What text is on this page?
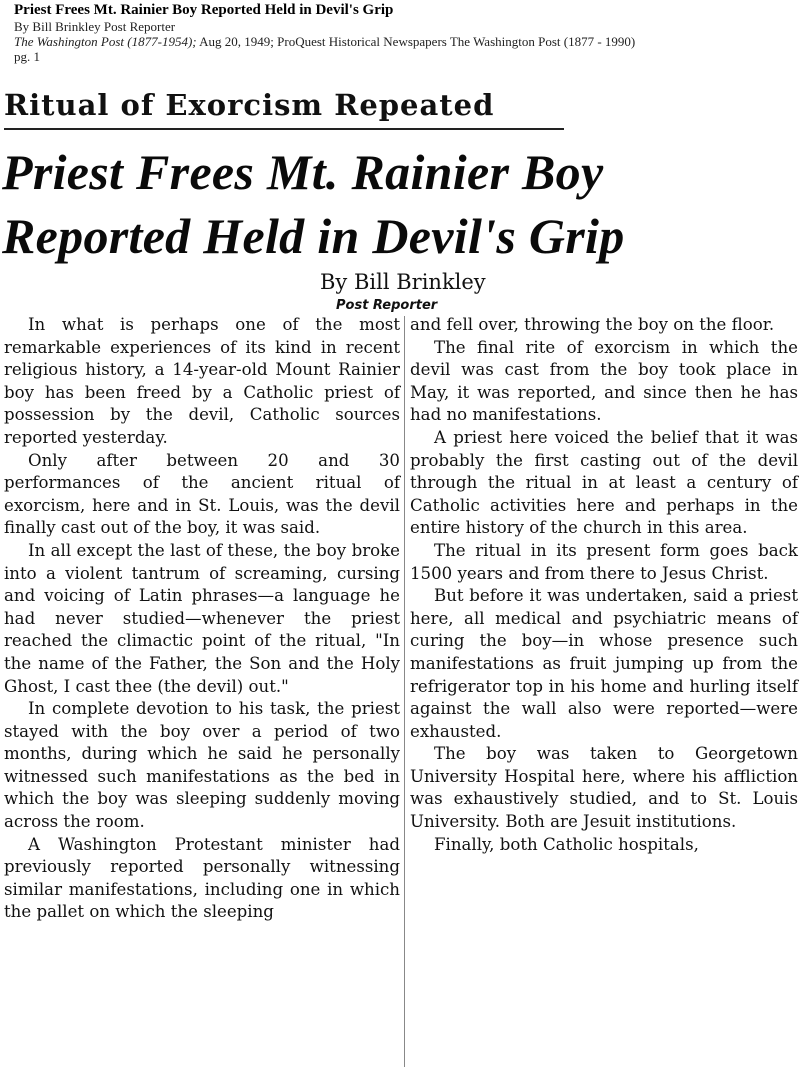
Priest Frees Mt. Rainier Boy Reported Held in Devil's Grip
By Bill Brinkley Post Reporter
The Washington Post (1877-1954); Aug 20, 1949; ProQuest Historical Newspapers The Washington Post (1877 - 1990)
pg. 1
Ritual of Exorcism Repeated
Priest Frees Mt. Rainier Boy
Reported Held in Devil's Grip
By Bill Brinkley
Post Reporter

In what is perhaps one of the most remarkable experiences of its kind in recent religious history, a 14-year-old Mount Rainier boy has been freed by a Catholic priest of possession by the devil, Catholic sources reported yesterday.

Only after between 20 and 30 performances of the ancient ritual of exorcism, here and in St. Louis, was the devil finally cast out of the boy, it was said.

In all except the last of these, the boy broke into a violent tantrum of screaming, cursing and voicing of Latin phrases—a language he had never studied—whenever the priest reached the climactic point of the ritual, "In the name of the Father, the Son and the Holy Ghost, I cast thee (the devil) out."

In complete devotion to his task, the priest stayed with the boy over a period of two months, during which he said he personally witnessed such manifestations as the bed in which the boy was sleeping suddenly moving across the room.

A Washington Protestant minister had previously reported personally witnessing similar manifestations, including one in which the pallet on which the sleeping

and fell over, throwing the boy on the floor.

The final rite of exorcism in which the devil was cast from the boy took place in May, it was reported, and since then he has had no manifestations.

A priest here voiced the belief that it was probably the first casting out of the devil through the ritual in at least a century of Catholic activities here and perhaps in the entire history of the church in this area.

The ritual in its present form goes back 1500 years and from there to Jesus Christ.

But before it was undertaken, said a priest here, all medical and psychiatric means of curing the boy—in whose presence such manifestations as fruit jumping up from the refrigerator top in his home and hurling itself against the wall also were reported—were exhausted.

The boy was taken to Georgetown University Hospital here, where his affliction was exhaustively studied, and to St. Louis University. Both are Jesuit institutions.

Finally, both Catholic hospitals,
